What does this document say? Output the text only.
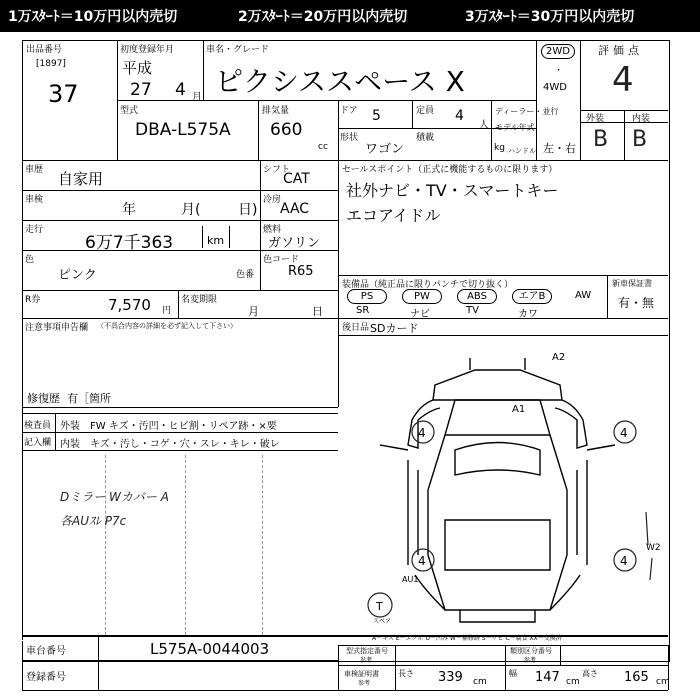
1万ｽﾀｰﾄ＝10万円以内売切	2万ｽﾀｰﾄ＝20万円以内売切	3万ｽﾀｰﾄ＝30万円以内売切
出品番号
[1897]
37
初度登録年月
平成
27 4 月
車名・グレード
ピクシススペース X
2WD
・
4WD
評価点
4
外装	内装
B B
型式
DBA-L575A
排気量
660
cc
ドア 5	定員 4
人
ディーラー・並行
モデル年式
kg ハンドル 左・右
形状
ワゴン
積載
車歴 自家用
車検
年	月(	日)
走行
6万7千363	km
色
ピンク	色番
R券	7,570 円
名変期限
月	日
シフト
CAT
冷房
AAC
燃料
ガソリン
色コード
R65
セールスポイント（正式に機能するものに限ります）
社外ナビ・TV・スマートキー
エコアイドル
装備品（純正品に限りパンチで切り抜く）
PS	PW	ABS	エアB	AW
SR	ナビ	TV	カワ
新車保証書
有・無
後日品 SDカード
注意事項申告欄 （不具合内容の詳細を必ず記入して下さい）
修復歴 有［箇所
検査員
記入欄
外装 FW キズ・汚凹・ヒビ割・リペア跡・×要
内装 キズ・汚し・コゲ・穴・スレ・キレ・破レ
Dミラー Wカバー A
各AUｽﾚ P7c
A2
A1
4	4
4	4
AU1
W2
T
スペア
A－キズ E－エクボ U－凹み W－補修跡 S－サビ C－腐食 XX－交換済
車台番号	L575A-0044003
登録番号
型式指定番号
参考
類別区分番号
参考
車検証明書
参考
長さ 339 cm
幅 147 cm
高さ 165 cm
